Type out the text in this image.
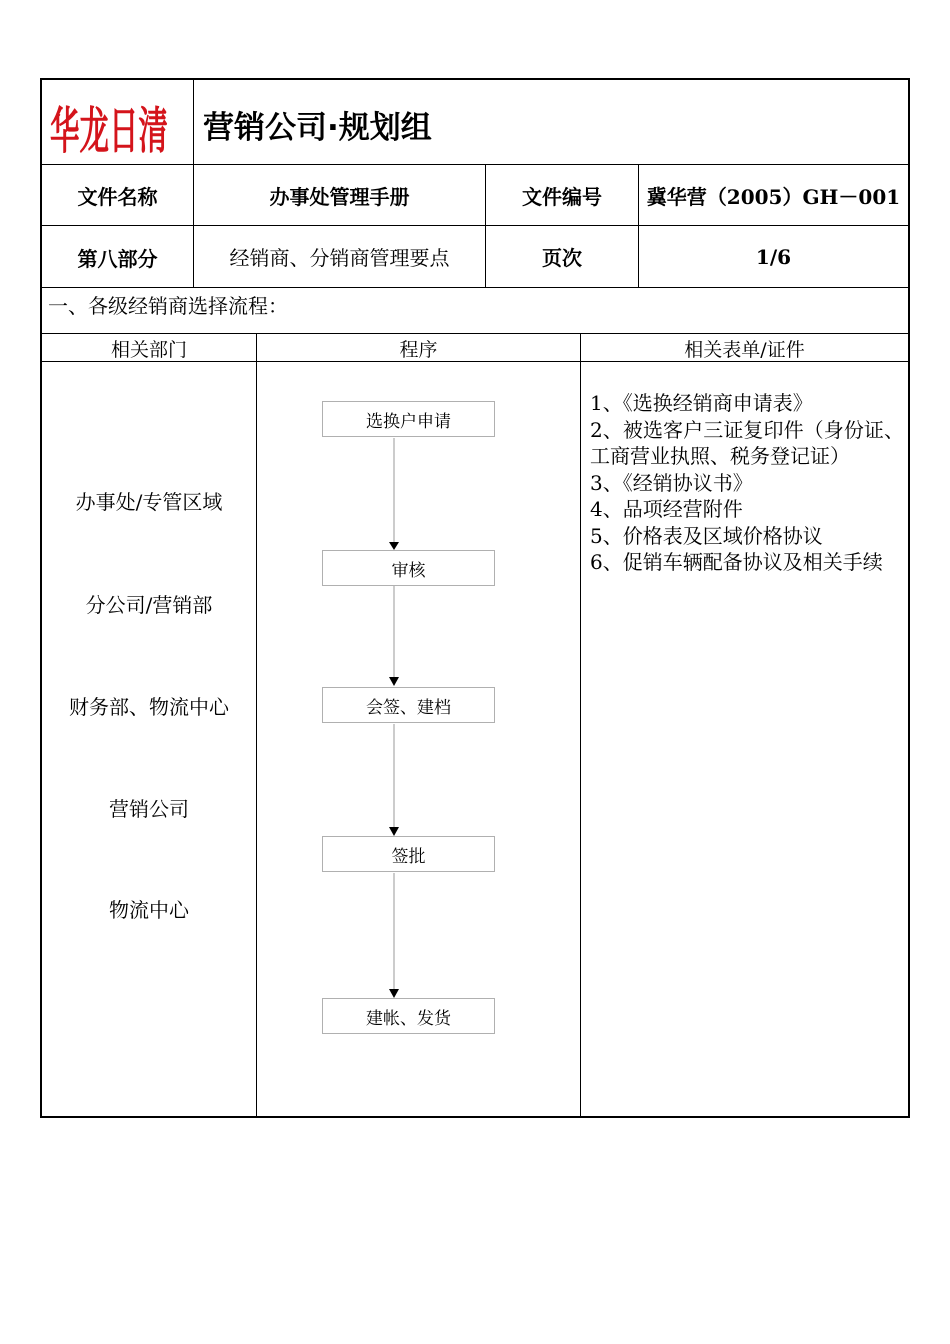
华龙日清 营销公司·规划组
文件名称	办事处管理手册	文件编号	冀华营（2005）GH－001
第八部分	经销商、分销商管理要点	页次	1/6
一、各级经销商选择流程：
相关部门	程序	相关表单/证件
办事处/专管区域
分公司/营销部
财务部、物流中心
营销公司
物流中心
选换户申请
审核
会签、建档
签批
建帐、发货
1、《选换经销商申请表》
2、被选客户三证复印件（身份证、工商营业执照、税务登记证）
3、《经销协议书》
4、品项经营附件
5、价格表及区域价格协议
6、促销车辆配备协议及相关手续
